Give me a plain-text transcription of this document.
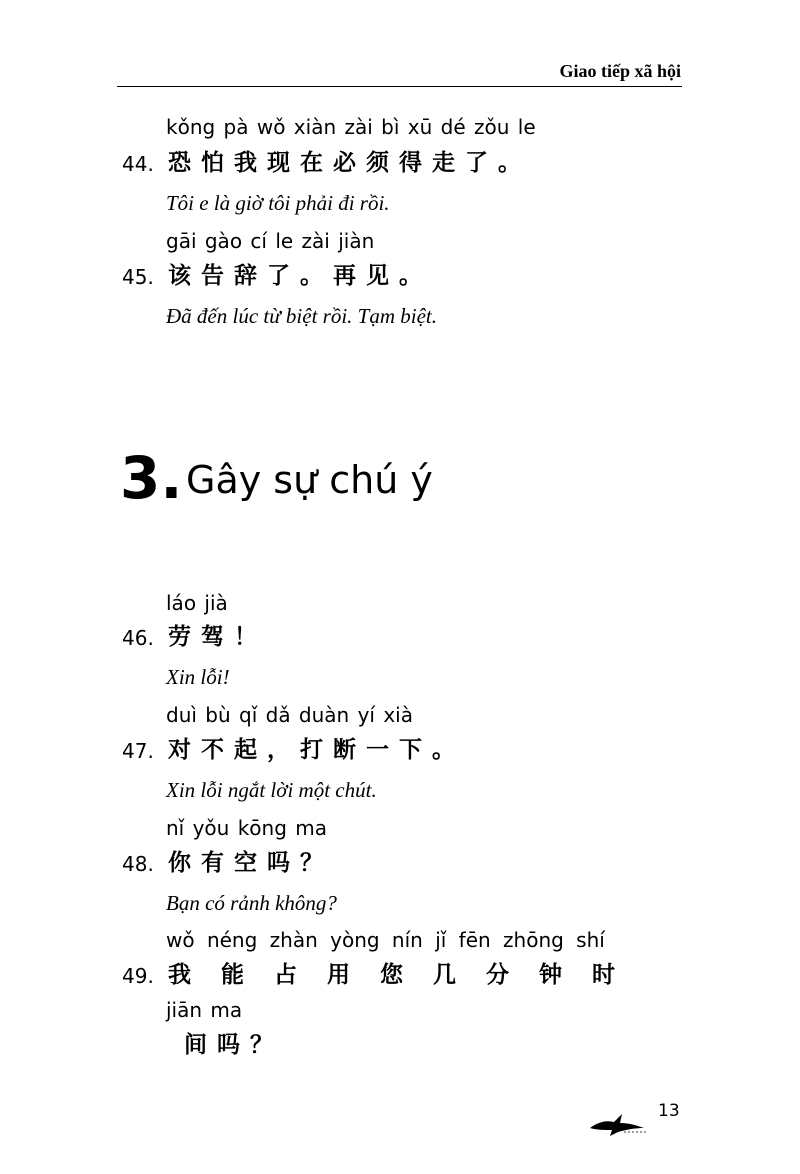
Giao tiếp xã hội
kǒng pà wǒ xiàn zài bì xū dé zǒu le
44. 恐怕我现在必须得走了。
Tôi e là giờ tôi phải đi rồi.
gāi gào cí le zài jiàn
45. 该告辞了。再见。
Đã đến lúc từ biệt rồi. Tạm biệt.
3. Gây sự chú ý
láo jià
46. 劳驾！
Xin lỗi!
duì bù qǐ dǎ duàn yí xià
47. 对不起，打断一下。
Xin lỗi ngắt lời một chút.
nǐ yǒu kōng ma
48. 你有空吗？
Bạn có rảnh không?
wǒ néng zhàn yòng nín jǐ fēn zhōng shí
49. 我能占用您几分钟时
jiān ma
间吗？
13
